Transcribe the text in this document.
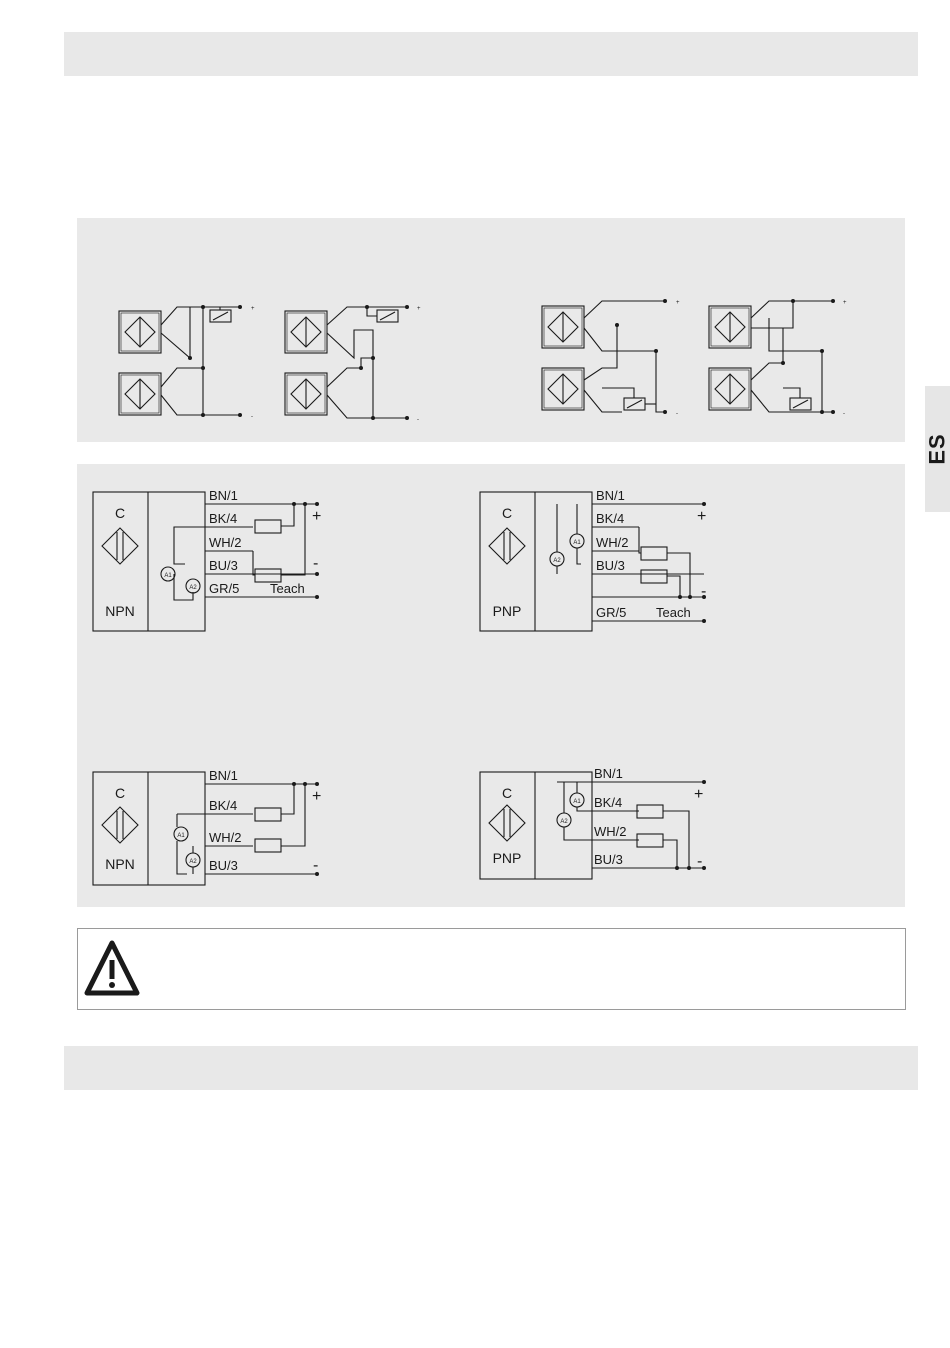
ES
+
-
+
-
+
-
+
-
C
NPN
A1
A2
BN/1
BK/4
WH/2
BU/3
GR/5 Teach
+
-
C
PNP
A1
A2
BN/1
BK/4
WH/2
BU/3
GR/5 Teach
+
-
C
NPN
A1
A2
BN/1
BK/4
WH/2
BU/3
+
-
C
PNP
A1
A2
BN/1
BK/4
WH/2
BU/3
+
-
